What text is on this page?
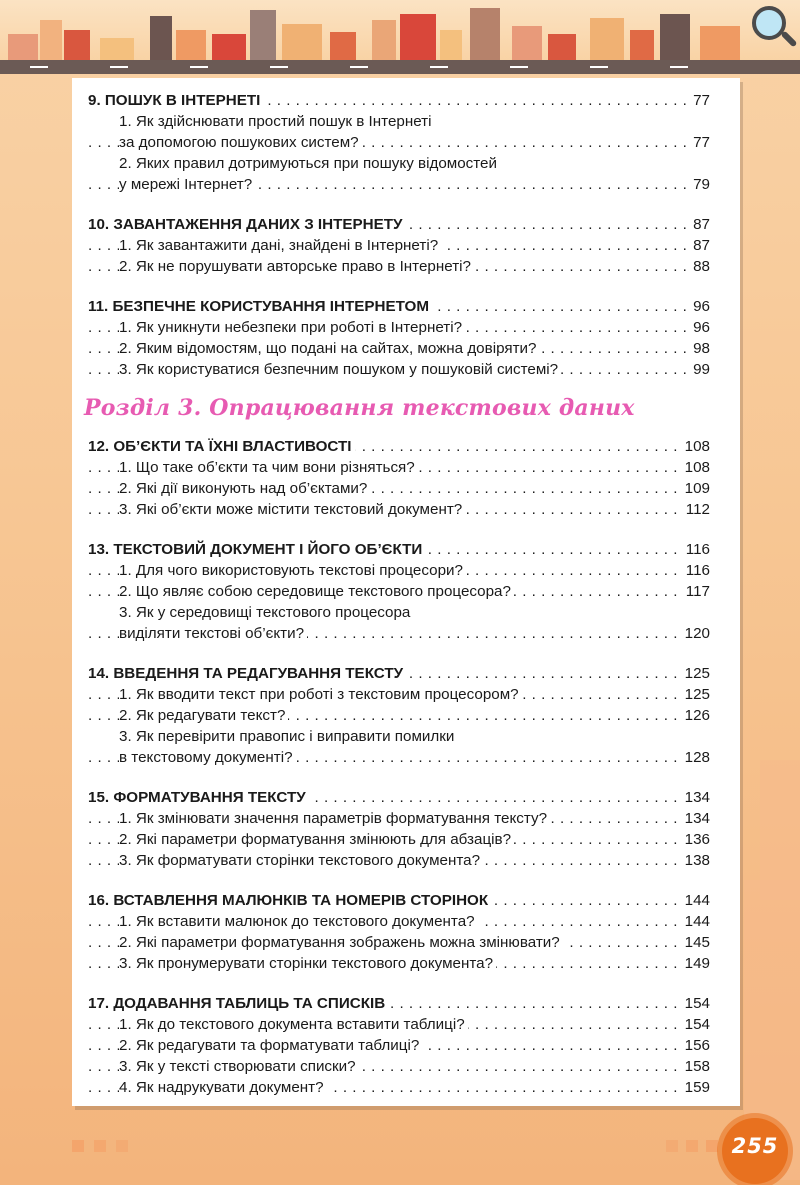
9. ПОШУК В ІНТЕРНЕТІ	77
. . .
1. Як здійснювати простий пошук в Інтернеті
за допомогою пошукових систем?	77
. . .
2. Яких правил дотримуються при пошуку відомостей
у мережі Інтернет?	79
. . .
10. ЗАВАНТАЖЕННЯ ДАНИХ З ІНТЕРНЕТУ	87
. . .
1. Як завантажити дані, знайдені в Інтернеті?	87
. . .
2. Як не порушувати авторське право в Інтернеті?	88
. . .
11. БЕЗПЕЧНЕ КОРИСТУВАННЯ ІНТЕРНЕТОМ	96
. . .
1. Як уникнути небезпеки при роботі в Інтернеті?	96
. . .
2. Яким відомостям, що подані на сайтах, можна довіряти?	98
. . .
3. Як користуватися безпечним пошуком у пошуковій системі?	99
. . .
Розділ 3. Опрацювання текстових даних
12. ОБ’ЄКТИ ТА ЇХНІ ВЛАСТИВОСТІ	108
. . .
1. Що таке об’єкти та чим вони різняться?	108
. . .
2. Які дії виконують над об’єктами?	109
. . .
3. Які об’єкти може містити текстовий документ?	112
. . .
13. ТЕКСТОВИЙ ДОКУМЕНТ І ЙОГО ОБ’ЄКТИ	116
. . .
1. Для чого використовують текстові процесори?	116
. . .
2. Що являє собою середовище текстового процесора?	117
. . .
3. Як у середовищі текстового процесора
виділяти текстові об’єкти?	120
. . .
14. ВВЕДЕННЯ ТА РЕДАГУВАННЯ ТЕКСТУ	125
. . .
1. Як вводити текст при роботі з текстовим процесором?	125
. . .
2. Як редагувати текст?	126
. . .
3. Як перевірити правопис і виправити помилки
в текстовому документі?	128
. . .
15. ФОРМАТУВАННЯ ТЕКСТУ	134
. . .
1. Як змінювати значення параметрів форматування тексту?	134
. . .
2. Які параметри форматування змінюють для абзаців?	136
. . .
3. Як форматувати сторінки текстового документа?	138
. . .
16. ВСТАВЛЕННЯ МАЛЮНКІВ ТА НОМЕРІВ СТОРІНОК	144
. . .
1. Як вставити малюнок до текстового документа?	144
. . .
2. Які параметри форматування зображень можна змінювати?	145
. . .
3. Як пронумерувати сторінки текстового документа?	149
. . .
17. ДОДАВАННЯ ТАБЛИЦЬ ТА СПИСКІВ	154
. . .
1. Як до текстового документа вставити таблиці?	154
. . .
2. Як редагувати та форматувати таблиці?	156
. . .
3. Як у тексті створювати списки?	158
. . .
4. Як надрукувати документ?	159
. . .
255
